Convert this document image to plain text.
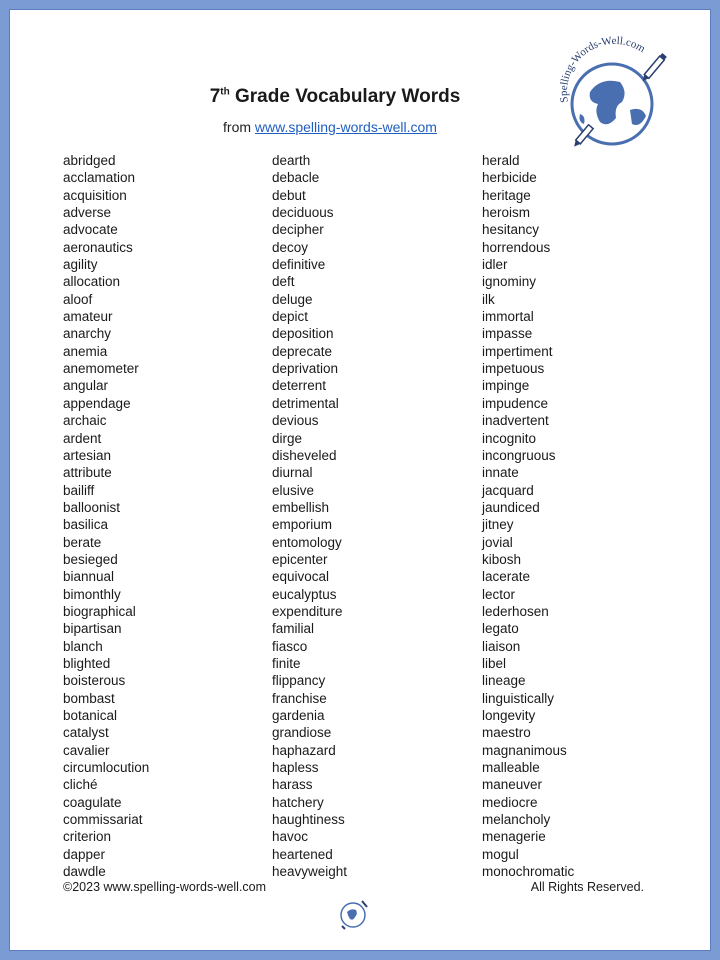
Spelling-Words-Well.com
7th Grade Vocabulary Words
from www.spelling-words-well.com
abridged
acclamation
acquisition
adverse
advocate
aeronautics
agility
allocation
aloof
amateur
anarchy
anemia
anemometer
angular
appendage
archaic
ardent
artesian
attribute
bailiff
balloonist
basilica
berate
besieged
biannual
bimonthly
biographical
bipartisan
blanch
blighted
boisterous
bombast
botanical
catalyst
cavalier
circumlocution
cliché
coagulate
commissariat
criterion
dapper
dawdle
dearth
debacle
debut
deciduous
decipher
decoy
definitive
deft
deluge
depict
deposition
deprecate
deprivation
deterrent
detrimental
devious
dirge
disheveled
diurnal
elusive
embellish
emporium
entomology
epicenter
equivocal
eucalyptus
expenditure
familial
fiasco
finite
flippancy
franchise
gardenia
grandiose
haphazard
hapless
harass
hatchery
haughtiness
havoc
heartened
heavyweight
herald
herbicide
heritage
heroism
hesitancy
horrendous
idler
ignominy
ilk
immortal
impasse
impertiment
impetuous
impinge
impudence
inadvertent
incognito
incongruous
innate
jacquard
jaundiced
jitney
jovial
kibosh
lacerate
lector
lederhosen
legato
liaison
libel
lineage
linguistically
longevity
maestro
magnanimous
malleable
maneuver
mediocre
melancholy
menagerie
mogul
monochromatic
©2023 www.spelling-words-well.com	All Rights Reserved.
